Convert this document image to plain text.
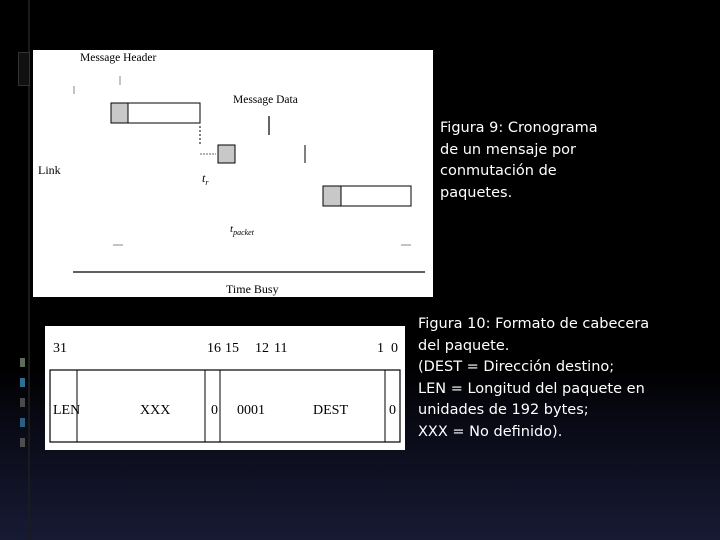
Message Header
Message Data
Link
$t_r$
$t_{packet}$
Time Busy

Figura 9: Cronograma

de un mensaje por

conmutación de

paquetes.

31	16 15 12 11	1 0
LEN	XXX	0 0001	DEST	0

Figura 10: Formato de cabecera

del paquete.

(DEST = Dirección destino;

LEN = Longitud del paquete en

unidades de 192 bytes;

XXX = No definido).
